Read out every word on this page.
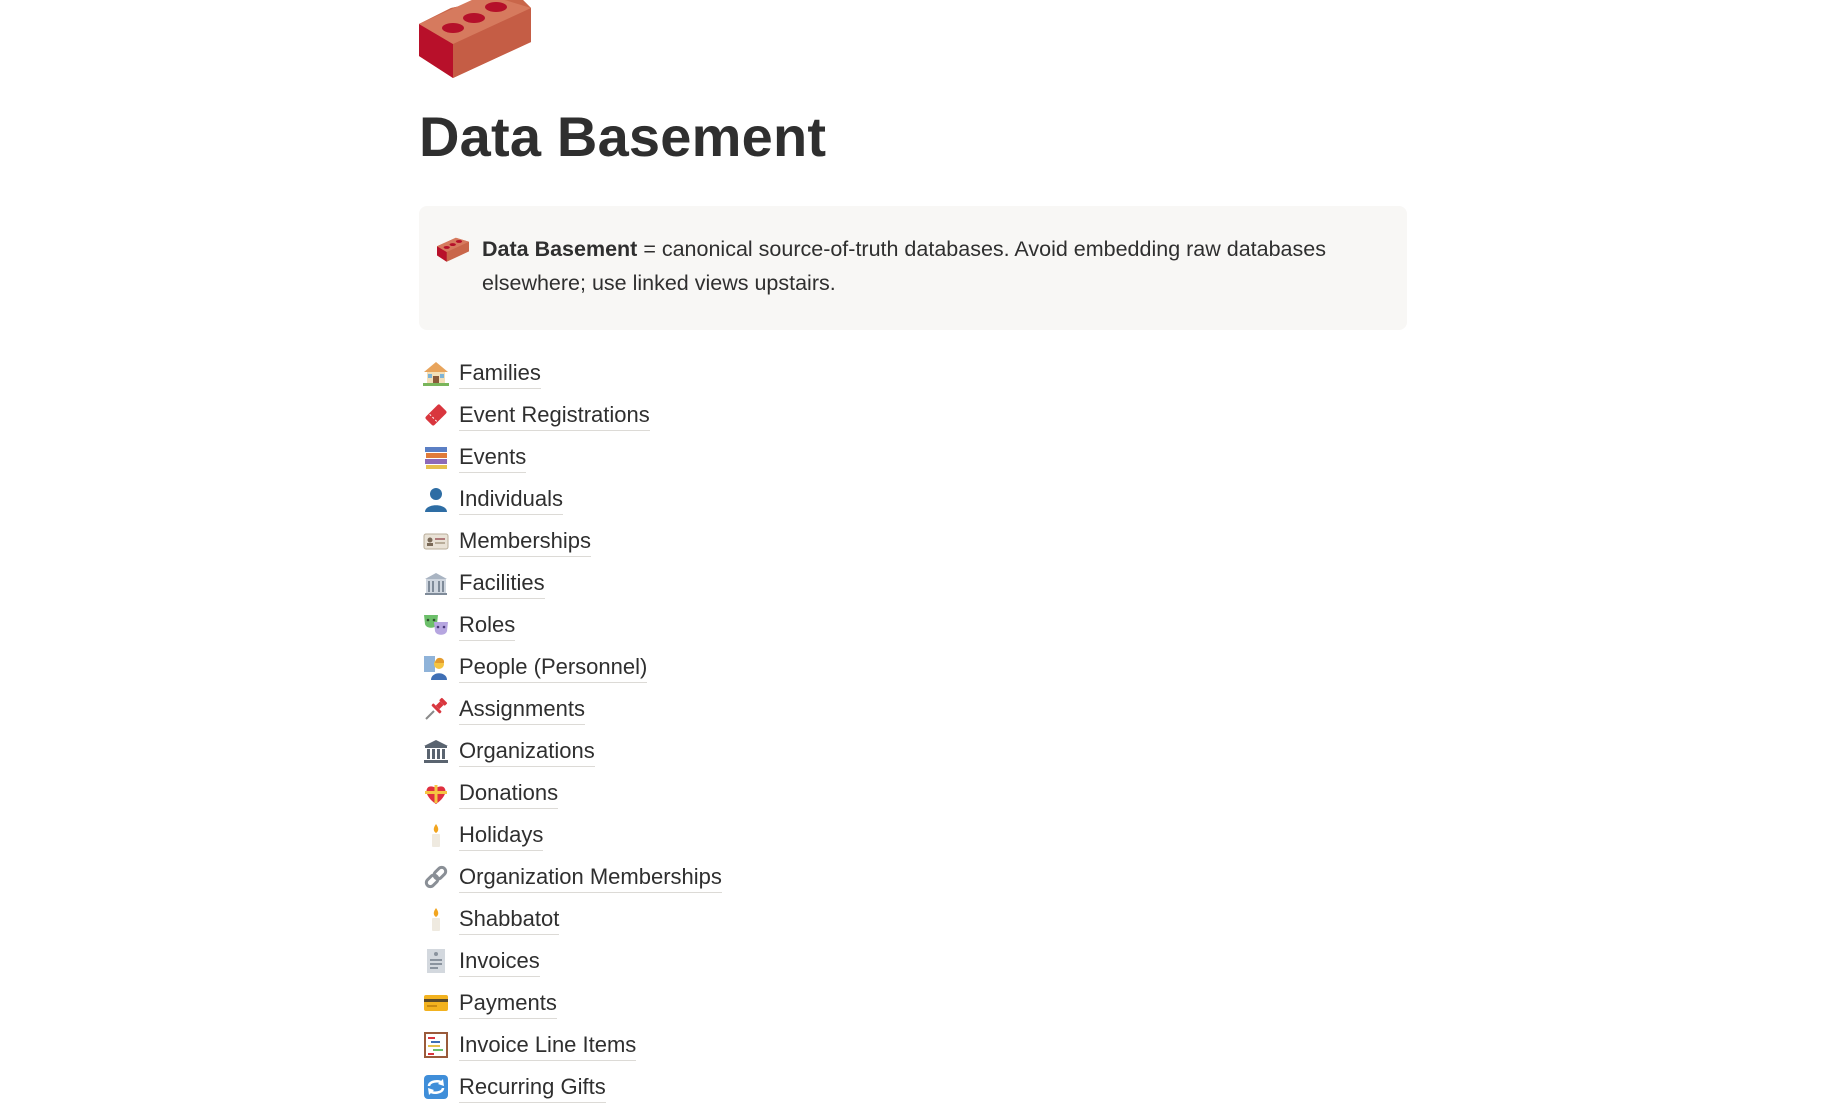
Data Basement
Data Basement = canonical source-of-truth databases. Avoid embedding raw databases
elsewhere; use linked views upstairs.
Families
Event Registrations
Events
Individuals
Memberships
Facilities
Roles
People (Personnel)
Assignments
Organizations
Donations
Holidays
Organization Memberships
Shabbatot
Invoices
Payments
Invoice Line Items
Recurring Gifts
